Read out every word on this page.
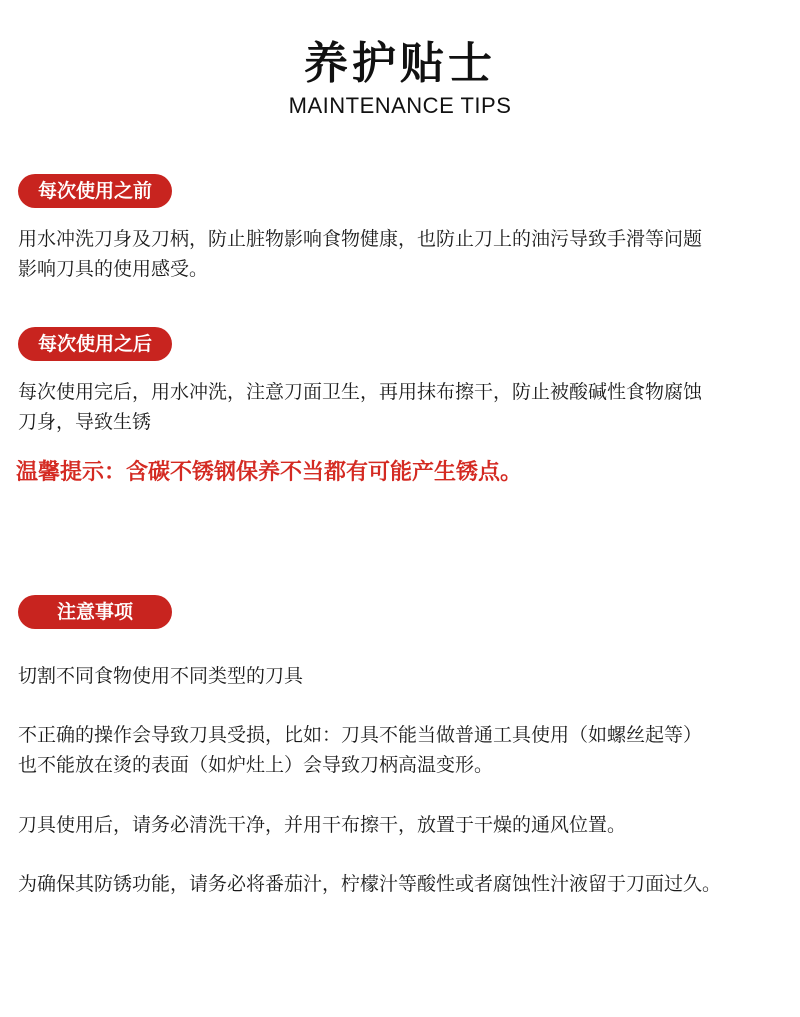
养护贴士
MAINTENANCE TIPS
每次使用之前
用水冲洗刀身及刀柄，防止脏物影响食物健康，也防止刀上的油污导致手滑等问题
影响刀具的使用感受。
每次使用之后
每次使用完后，用水冲洗，注意刀面卫生，再用抹布擦干，防止被酸碱性食物腐蚀
刀身，导致生锈
温馨提示：含碳不锈钢保养不当都有可能产生锈点。
注意事项
切割不同食物使用不同类型的刀具
不正确的操作会导致刀具受损，比如：刀具不能当做普通工具使用（如螺丝起等）
也不能放在烫的表面（如炉灶上）会导致刀柄高温变形。
刀具使用后，请务必清洗干净，并用干布擦干，放置于干燥的通风位置。
为确保其防锈功能，请务必将番茄汁，柠檬汁等酸性或者腐蚀性汁液留于刀面过久。
